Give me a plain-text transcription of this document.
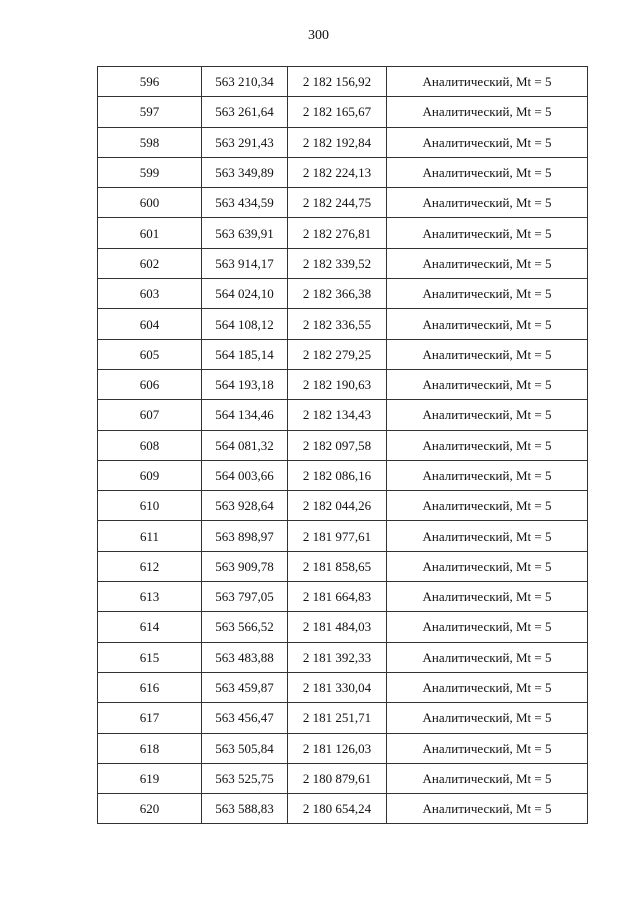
300
596	563 210,34	2 182 156,92	Аналитический, Mt = 5
597	563 261,64	2 182 165,67	Аналитический, Mt = 5
598	563 291,43	2 182 192,84	Аналитический, Mt = 5
599	563 349,89	2 182 224,13	Аналитический, Mt = 5
600	563 434,59	2 182 244,75	Аналитический, Mt = 5
601	563 639,91	2 182 276,81	Аналитический, Mt = 5
602	563 914,17	2 182 339,52	Аналитический, Mt = 5
603	564 024,10	2 182 366,38	Аналитический, Mt = 5
604	564 108,12	2 182 336,55	Аналитический, Mt = 5
605	564 185,14	2 182 279,25	Аналитический, Mt = 5
606	564 193,18	2 182 190,63	Аналитический, Mt = 5
607	564 134,46	2 182 134,43	Аналитический, Mt = 5
608	564 081,32	2 182 097,58	Аналитический, Mt = 5
609	564 003,66	2 182 086,16	Аналитический, Mt = 5
610	563 928,64	2 182 044,26	Аналитический, Mt = 5
611	563 898,97	2 181 977,61	Аналитический, Mt = 5
612	563 909,78	2 181 858,65	Аналитический, Mt = 5
613	563 797,05	2 181 664,83	Аналитический, Mt = 5
614	563 566,52	2 181 484,03	Аналитический, Mt = 5
615	563 483,88	2 181 392,33	Аналитический, Mt = 5
616	563 459,87	2 181 330,04	Аналитический, Mt = 5
617	563 456,47	2 181 251,71	Аналитический, Mt = 5
618	563 505,84	2 181 126,03	Аналитический, Mt = 5
619	563 525,75	2 180 879,61	Аналитический, Mt = 5
620	563 588,83	2 180 654,24	Аналитический, Mt = 5
